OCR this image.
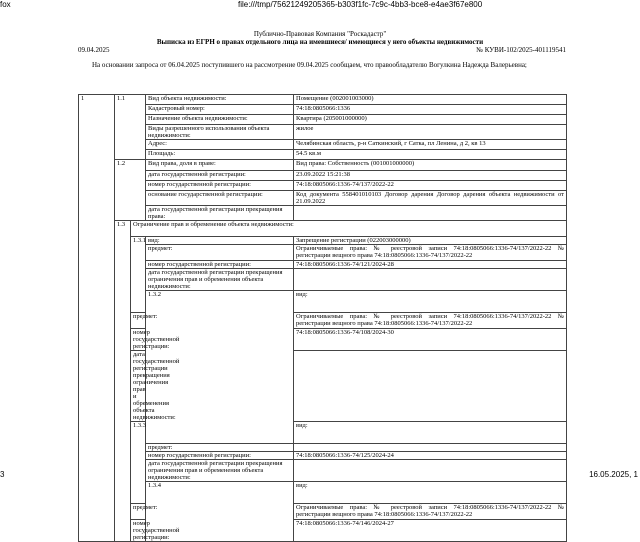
fox	file:///tmp/75621249205365-b303f1fc-7c9c-4bb3-bce8-e4ae3f67e800
Публично-Правовая Компания "Роскадастр"
Выписка из ЕГРН о правах отдельного лица на имевшиеся/ имеющиеся у него объекты недвижимости
09.04.2025	№ КУВИ-102/2025-401119541
На основании запроса от 06.04.2025 поступившего на рассмотрение 09.04.2025 сообщаем, что правообладателю Вогулкина Надежда Валерьевна;
1	1.1		Вид объекта недвижимости:	Помещение (002001003000)	
			Кадастровый номер:	74:18:0805066:1336	
			Назначение объекта недвижимости:	Квартира (205001000000)	
			Виды разрешенного использования объекта недвижимости:	жилое	
			Адрес:	Челябинская область, р-н Саткинский, г Сатка, пл Ленина, д 2, кв 13	
			Площадь:	54.5 кв.м	
	1.2		Вид права, доля в праве:	Вид права: Собственность (001001000000)	
			дата государственной регистрации:	23.09.2022 15:21:38	
			номер государственной регистрации:	74:18:0805066:1336-74/137/2022-22	
			основание государственной регистрации:	Код документа 558401010103 Договор дарения Договор дарения объекта недвижимости от 21.09.2022	
			дата государственной регистрации прекращения права:		
	1.3	Ограничение прав и обременение объекта недвижимости:			
		1.3.1	вид:	Запрещение регистрации (022003000000)	
			предмет:	Ограничиваемые права: № реестровой записи 74:18:0805066:1336-74/137/2022-22 № регистрации вещного права 74:18:0805066:1336-74/137/2022-22	
			номер государственной регистрации:	74:18:0805066:1336-74/121/2024-28	
			дата государственной регистрации прекращения ограничения прав и обременения объекта недвижимости:		
			1.3.2	вид:	
		предмет:		Ограничиваемые права: № реестровой записи 74:18:0805066:1336-74/137/2022-22 № регистрации вещного права 74:18:0805066:1336-74/137/2022-22	
		номер государственной регистрации:		74:18:0805066:1336-74/108/2024-30	
		дата государственной регистрации прекращения ограничения прав и обременения объекта недвижимости:			
		1.3.3		вид:	
			предмет:		
			номер государственной регистрации:	74:18:0805066:1336-74/125/2024-24	
			дата государственной регистрации прекращения ограничения прав и обременения объекта недвижимости:		
			1.3.4	вид:	
		предмет:		Ограничиваемые права: № реестровой записи 74:18:0805066:1336-74/137/2022-22 № регистрации вещного права 74:18:0805066:1336-74/137/2022-22	
		номер государственной регистрации:		74:18:0805066:1336-74/146/2024-27	
3	16.05.2025, 1
